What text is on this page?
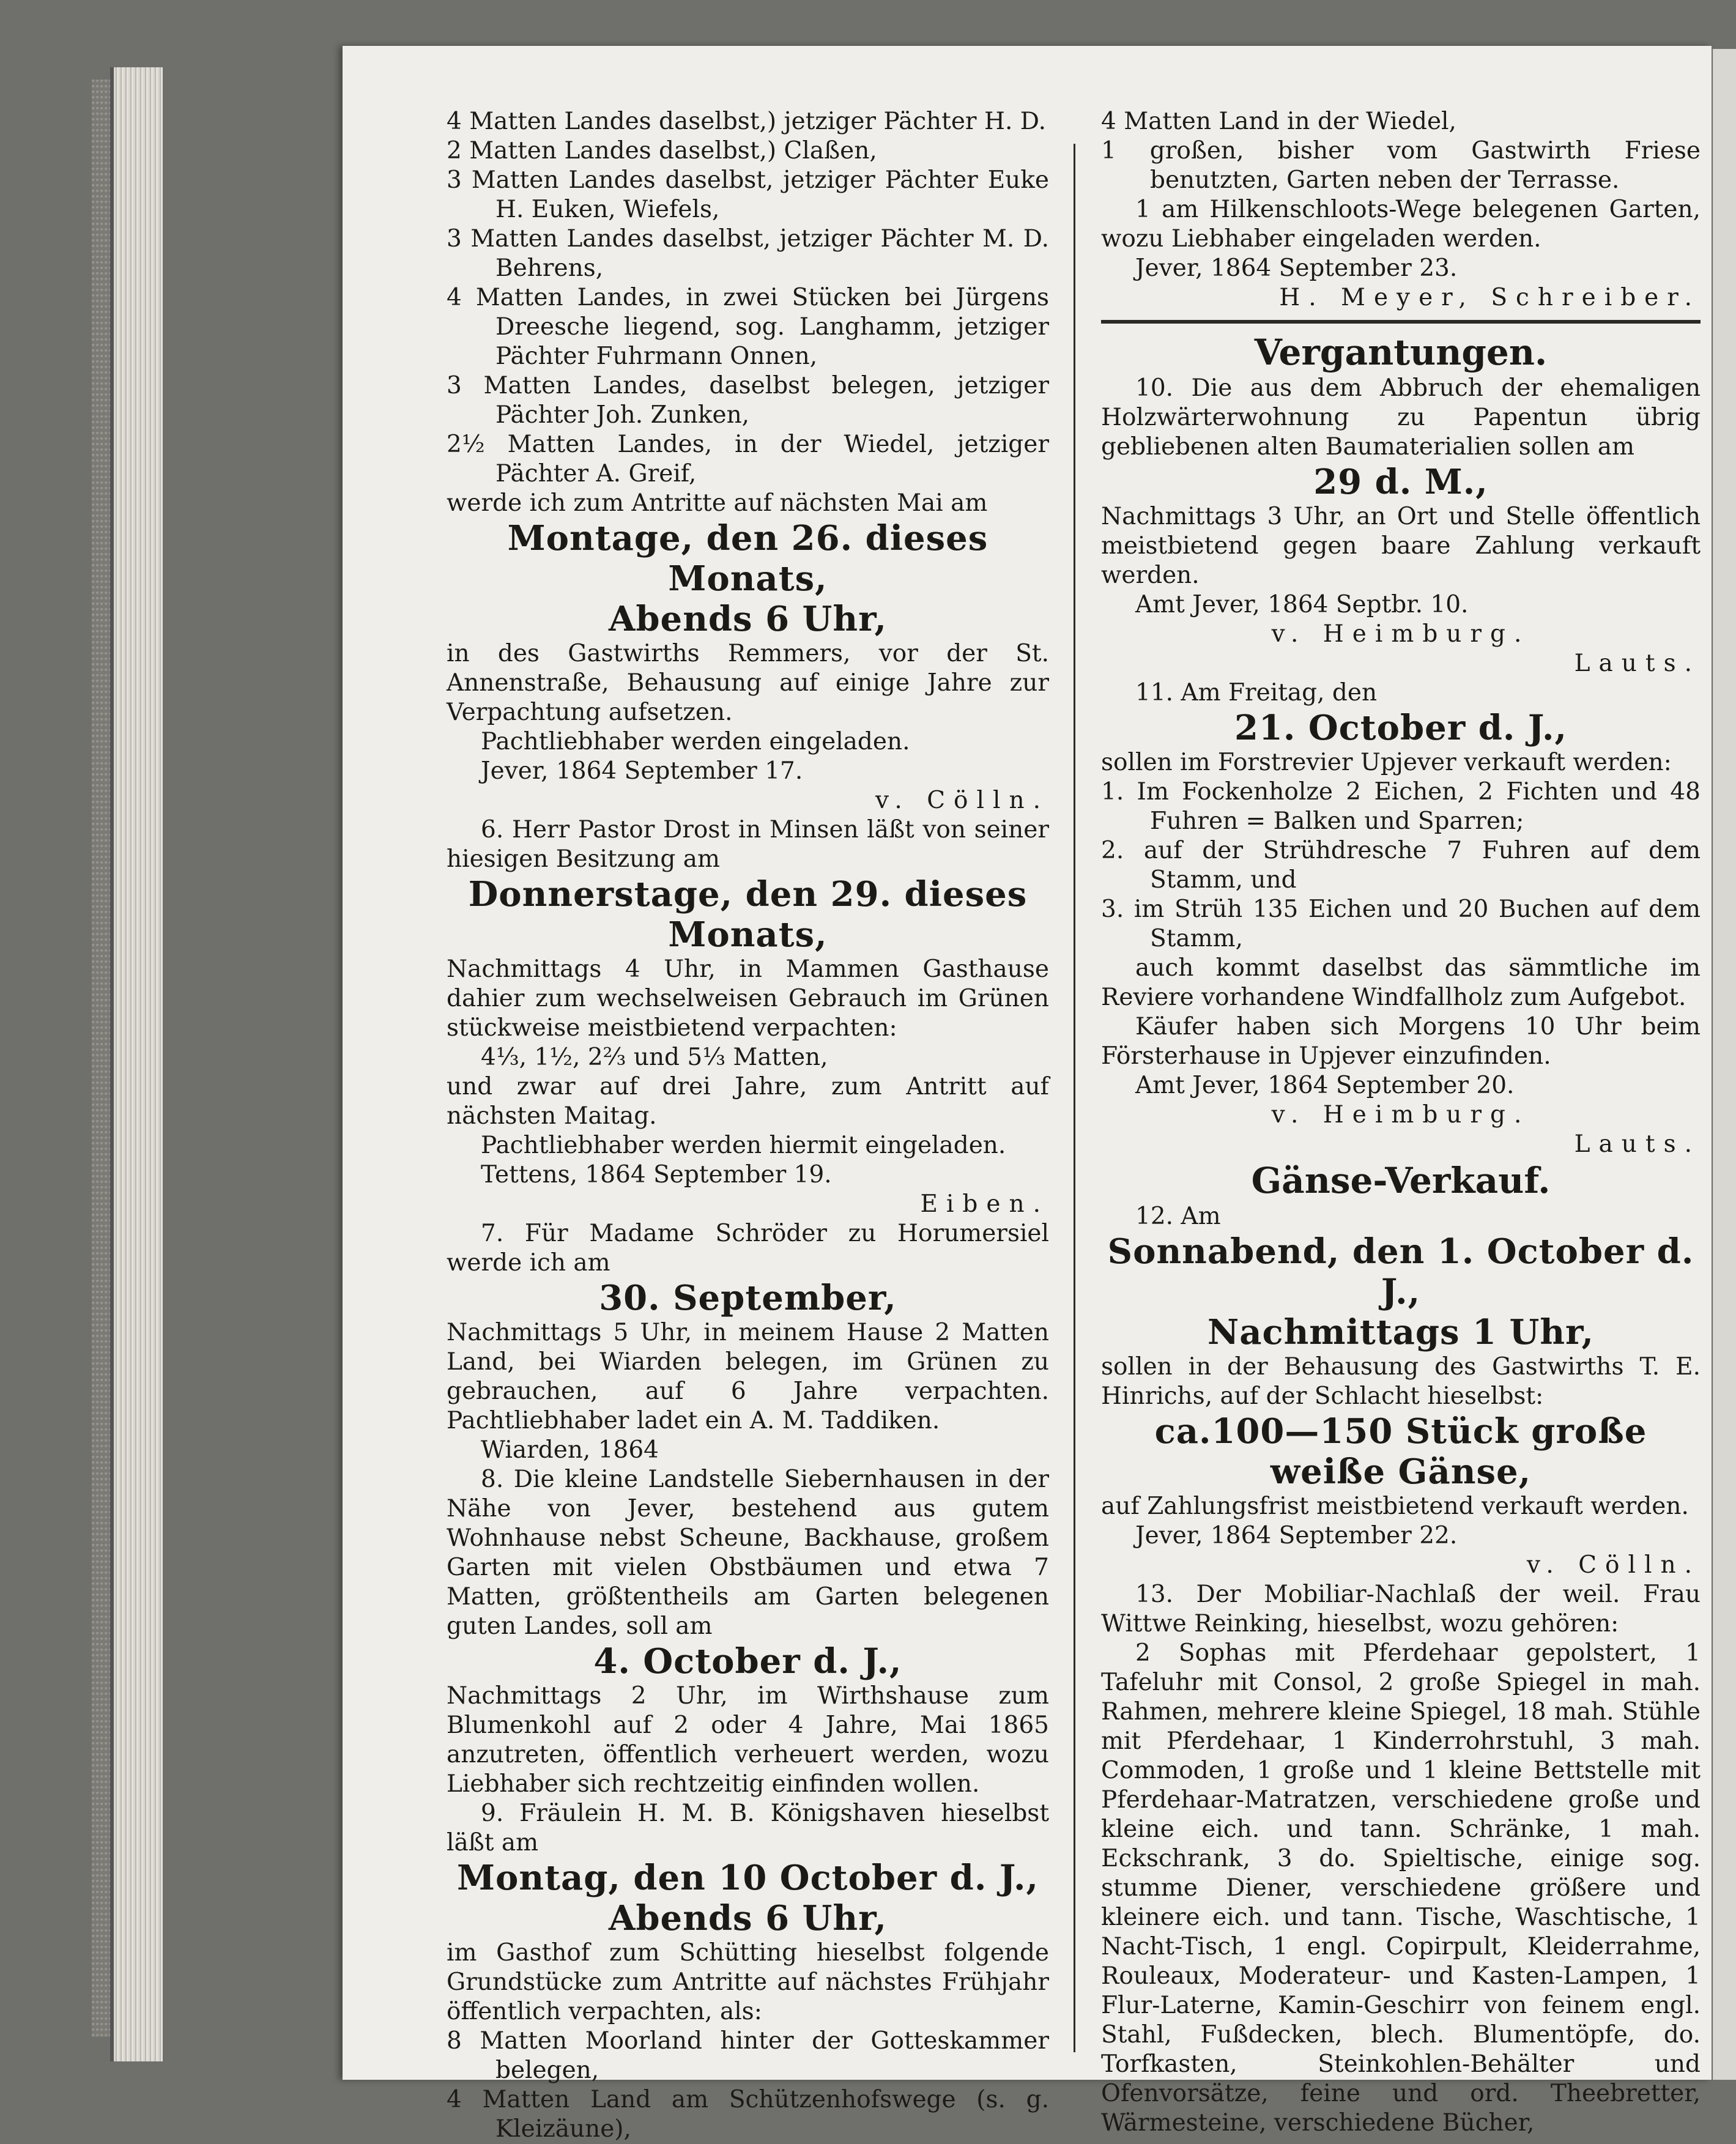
4 Matten Landes daselbst,) jetziger Pächter H. D.

2 Matten Landes daselbst,) Claßen,

3 Matten Landes daselbst, jetziger Pächter Euke H. Euken, Wiefels,

3 Matten Landes daselbst, jetziger Pächter M. D. Behrens,

4 Matten Landes, in zwei Stücken bei Jürgens Dreesche liegend, sog. Langhamm, jetziger Pächter Fuhrmann Onnen,

3 Matten Landes, daselbst belegen, jetziger Pächter Joh. Zunken,

2½ Matten Landes, in der Wiedel, jetziger Pächter A. Greif,

werde ich zum Antritte auf nächsten Mai am

Montage, den 26. dieses Monats,

Abends 6 Uhr,

in des Gastwirths Remmers, vor der St. Annenstraße, Behausung auf einige Jahre zur Verpachtung aufsetzen.

Pachtliebhaber werden eingeladen.

Jever, 1864 September 17.

v. Cölln.

6. Herr Pastor Drost in Minsen läßt von seiner hiesigen Besitzung am

Donnerstage, den 29. dieses Monats,

Nachmittags 4 Uhr, in Mammen Gasthause dahier zum wechselweisen Gebrauch im Grünen stückweise meistbietend verpachten:

4⅓, 1½, 2⅔ und 5⅓ Matten,

und zwar auf drei Jahre, zum Antritt auf nächsten Maitag.

Pachtliebhaber werden hiermit eingeladen.

Tettens, 1864 September 19.

Eiben.

7. Für Madame Schröder zu Horumersiel werde ich am

30. September,

Nachmittags 5 Uhr, in meinem Hause 2 Matten Land, bei Wiarden belegen, im Grünen zu gebrauchen, auf 6 Jahre verpachten. Pachtliebhaber ladet ein A. M. Taddiken.

Wiarden, 1864

8. Die kleine Landstelle Siebernhausen in der Nähe von Jever, bestehend aus gutem Wohnhause nebst Scheune, Backhause, großem Garten mit vielen Obstbäumen und etwa 7 Matten, größtentheils am Garten belegenen guten Landes, soll am

4. October d. J.,

Nachmittags 2 Uhr, im Wirthshause zum Blumenkohl auf 2 oder 4 Jahre, Mai 1865 anzutreten, öffentlich verheuert werden, wozu Liebhaber sich rechtzeitig einfinden wollen.

9. Fräulein H. M. B. Königshaven hieselbst läßt am

Montag, den 10 October d. J.,

Abends 6 Uhr,

im Gasthof zum Schütting hieselbst folgende Grundstücke zum Antritte auf nächstes Frühjahr öffentlich verpachten, als:

8 Matten Moorland hinter der Gotteskammer belegen,

4 Matten Land am Schützenhofswege (s. g. Kleizäune),

4 Matten Land in der Wiedel,

1 großen, bisher vom Gastwirth Friese benutzten, Garten neben der Terrasse.

1 am Hilkenschloots-Wege belegenen Garten, wozu Liebhaber eingeladen werden.

Jever, 1864 September 23.

H. Meyer, Schreiber.

Vergantungen.

10. Die aus dem Abbruch der ehemaligen Holzwärterwohnung zu Papentun übrig gebliebenen alten Baumaterialien sollen am

29 d. M.,

Nachmittags 3 Uhr, an Ort und Stelle öffentlich meistbietend gegen baare Zahlung verkauft werden.

Amt Jever, 1864 Septbr. 10.

v. Heimburg.

Lauts.

11. Am Freitag, den

21. October d. J.,

sollen im Forstrevier Upjever verkauft werden:

1. Im Fockenholze 2 Eichen, 2 Fichten und 48 Fuhren = Balken und Sparren;

2. auf der Strühdresche 7 Fuhren auf dem Stamm, und

3. im Strüh 135 Eichen und 20 Buchen auf dem Stamm,

auch kommt daselbst das sämmtliche im Reviere vorhandene Windfallholz zum Aufgebot.

Käufer haben sich Morgens 10 Uhr beim Försterhause in Upjever einzufinden.

Amt Jever, 1864 September 20.

v. Heimburg.

Lauts.

Gänse-Verkauf.

12. Am

Sonnabend, den 1. October d. J.,

Nachmittags 1 Uhr,

sollen in der Behausung des Gastwirths T. E. Hinrichs, auf der Schlacht hieselbst:

ca.100—150 Stück große weiße Gänse,

auf Zahlungsfrist meistbietend verkauft werden.

Jever, 1864 September 22.

v. Cölln.

13. Der Mobiliar-Nachlaß der weil. Frau Wittwe Reinking, hieselbst, wozu gehören:

2 Sophas mit Pferdehaar gepolstert, 1 Tafeluhr mit Consol, 2 große Spiegel in mah. Rahmen, mehrere kleine Spiegel, 18 mah. Stühle mit Pferdehaar, 1 Kinderrohrstuhl, 3 mah. Commoden, 1 große und 1 kleine Bettstelle mit Pferdehaar-Matratzen, verschiedene große und kleine eich. und tann. Schränke, 1 mah. Eckschrank, 3 do. Spieltische, einige sog. stumme Diener, verschiedene größere und kleinere eich. und tann. Tische, Waschtische, 1 Nacht-Tisch, 1 engl. Copirpult, Kleiderrahme, Rouleaux, Moderateur- und Kasten-Lampen, 1 Flur-Laterne, Kamin-Geschirr von feinem engl. Stahl, Fußdecken, blech. Blumentöpfe, do. Torfkasten, Steinkohlen-Behälter und Ofenvorsätze, feine und ord. Theebretter, Wärmesteine, verschiedene Bücher,
